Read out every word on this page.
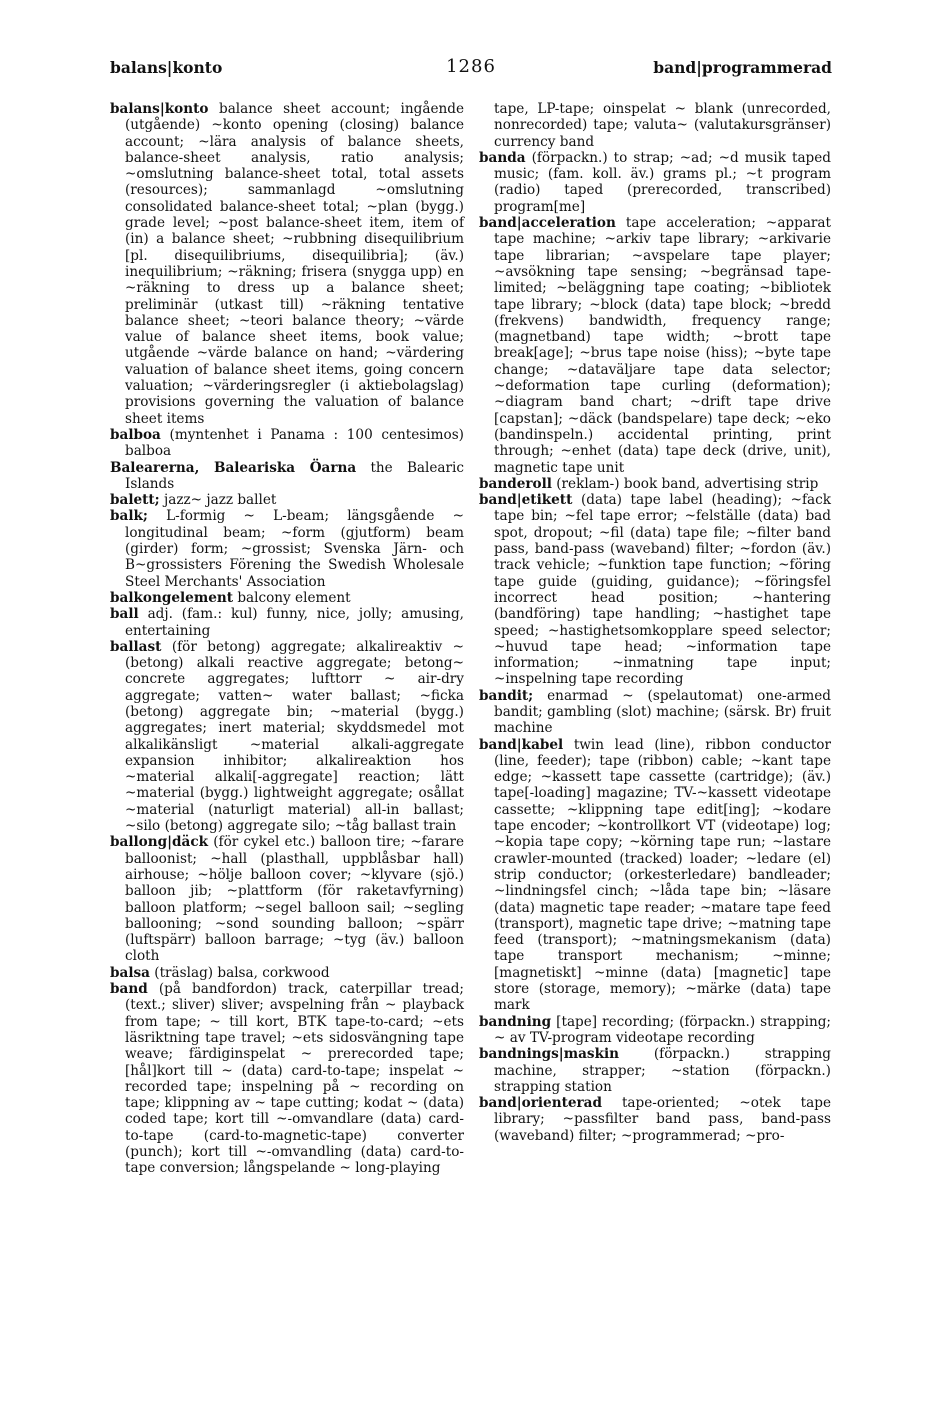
balans|konto	1286	band|programmerad

balans|konto balance sheet account; ingående (utgående) ~konto opening (closing) balance account; ~lära analysis of balance sheets, balance-sheet analysis, ratio analysis; ~omslutning balance-sheet total, total assets (resources); sammanlagd ~omslutning consolidated balance-sheet total; ~plan (bygg.) grade level; ~post balance-sheet item, item of (in) a balance sheet; ~rubbning disequilibrium [pl. disequilibriums, disequilibria]; (äv.) inequilibrium; ~räkning; frisera (snygga upp) en ~räkning to dress up a balance sheet; preliminär (utkast till) ~räkning tentative balance sheet; ~teori balance theory; ~värde value of balance sheet items, book value; utgående ~värde balance on hand; ~värdering valuation of balance sheet items, going concern valuation; ~värderingsregler (i aktiebolagslag) provisions governing the valuation of balance sheet items

balboa (myntenhet i Panama : 100 centesimos) balboa

Balearerna, Baleariska Öarna the Balearic Islands

balett; jazz~ jazz ballet

balk; L-formig ~ L-beam; längsgående ~ longitudinal beam; ~form (gjutform) beam (girder) form; ~grossist; Svenska Järn- och B~grossisters Förening the Swedish Wholesale Steel Merchants' Association

balkongelement balcony element

ball adj. (fam.: kul) funny, nice, jolly; amusing, entertaining

ballast (för betong) aggregate; alkalireaktiv ~ (betong) alkali reactive aggregate; betong~ concrete aggregates; lufttorr ~ air-dry aggregate; vatten~ water ballast; ~ficka (betong) aggregate bin; ~material (bygg.) aggregates; inert material; skyddsmedel mot alkalikänsligt ~material alkali-aggregate expansion inhibitor; alkalireaktion hos ~material alkali[-aggregate] reaction; lätt ~material (bygg.) lightweight aggregate; osållat ~material (naturligt material) all-in ballast; ~silo (betong) aggregate silo; ~tåg ballast train

ballong|däck (för cykel etc.) balloon tire; ~farare balloonist; ~hall (plasthall, uppblåsbar hall) airhouse; ~hölje balloon cover; ~klyvare (sjö.) balloon jib; ~plattform (för raketavfyrning) balloon platform; ~segel balloon sail; ~segling ballooning; ~sond sounding balloon; ~spärr (luftspärr) balloon barrage; ~tyg (äv.) balloon cloth

balsa (träslag) balsa, corkwood

band (på bandfordon) track, caterpillar tread; (text.; sliver) sliver; avspelning från ~ playback from tape; ~ till kort, BTK tape-to-card; ~ets läsriktning tape travel; ~ets sidosvängning tape weave; färdiginspelat ~ prerecorded tape; [hål]kort till ~ (data) card-to-tape; inspelat ~ recorded tape; inspelning på ~ recording on tape; klippning av ~ tape cutting; kodat ~ (data) coded tape; kort till ~-omvandlare (data) card-to-tape (card-to-magnetic-tape) converter (punch); kort till ~-omvandling (data) card-to-tape conversion; långspelande ~ long-playing

tape, LP-tape; oinspelat ~ blank (unrecorded, nonrecorded) tape; valuta~ (valutakursgränser) currency band

banda (förpackn.) to strap; ~ad; ~d musik taped music; (fam. koll. äv.) grams pl.; ~t program (radio) taped (prerecorded, transcribed) program[me]

band|acceleration tape acceleration; ~apparat tape machine; ~arkiv tape library; ~arkivarie tape librarian; ~avspelare tape player; ~avsökning tape sensing; ~begränsad tape-limited; ~beläggning tape coating; ~bibliotek tape library; ~block (data) tape block; ~bredd (frekvens) bandwidth, frequency range; (magnetband) tape width; ~brott tape break[age]; ~brus tape noise (hiss); ~byte tape change; ~dataväljare tape data selector; ~deformation tape curling (deformation); ~diagram band chart; ~drift tape drive [capstan]; ~däck (bandspelare) tape deck; ~eko (bandinspeln.) accidental printing, print through; ~enhet (data) tape deck (drive, unit), magnetic tape unit

banderoll (reklam-) book band, advertising strip

band|etikett (data) tape label (heading); ~fack tape bin; ~fel tape error; ~felställe (data) bad spot, dropout; ~fil (data) tape file; ~filter band pass, band-pass (waveband) filter; ~fordon (äv.) track vehicle; ~funktion tape function; ~föring tape guide (guiding, guidance); ~föringsfel incorrect head position; ~hantering (bandföring) tape handling; ~hastighet tape speed; ~hastighetsomkopplare speed selector; ~huvud tape head; ~information tape information; ~inmatning tape input; ~inspelning tape recording

bandit; enarmad ~ (spelautomat) one-armed bandit; gambling (slot) machine; (särsk. Br) fruit machine

band|kabel twin lead (line), ribbon conductor (line, feeder); tape (ribbon) cable; ~kant tape edge; ~kassett tape cassette (cartridge); (äv.) tape[-loading] magazine; TV-~kassett videotape cassette; ~klippning tape edit[ing]; ~kodare tape encoder; ~kontrollkort VT (videotape) log; ~kopia tape copy; ~körning tape run; ~lastare crawler-mounted (tracked) loader; ~ledare (el) strip conductor; (orkesterledare) bandleader; ~lindningsfel cinch; ~låda tape bin; ~läsare (data) magnetic tape reader; ~matare tape feed (transport), magnetic tape drive; ~matning tape feed (transport); ~matningsmekanism (data) tape transport mechanism; ~minne; [magnetiskt] ~minne (data) [magnetic] tape store (storage, memory); ~märke (data) tape mark

bandning [tape] recording; (förpackn.) strapping; ~ av TV-program videotape recording

bandnings|maskin	(förpackn.) strapping machine, strapper; ~station (förpackn.) strapping station

band|orienterad tape-oriented; ~otek tape library; ~passfilter band pass, band-pass (waveband) filter; ~programmerad; ~pro-
